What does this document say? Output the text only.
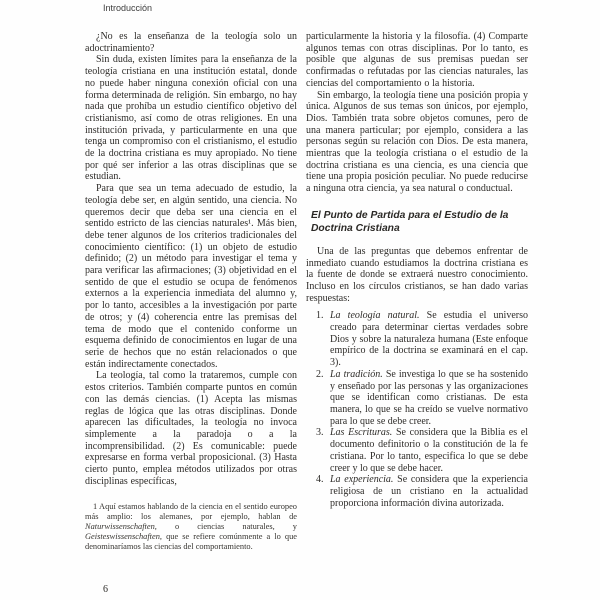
Introducción

¿No es la enseñanza de la teología solo un adoctrinamiento?

Sin duda, existen límites para la enseñanza de la teología cristiana en una institución estatal, donde no puede haber ninguna conexión oficial con una forma determinada de religión. Sin embargo, no hay nada que prohíba un estudio científico objetivo del cristianismo, así como de otras religiones. En una institución privada, y particularmente en una que tenga un compromiso con el cristianismo, el estudio de la doctrina cristiana es muy apropiado. No tiene por qué ser inferior a las otras disciplinas que se estudian.

Para que sea un tema adecuado de estudio, la teología debe ser, en algún sentido, una ciencia. No queremos decir que deba ser una ciencia en el sentido estricto de las ciencias naturales¹. Más bien, debe tener algunos de los criterios tradicionales del conocimiento científico: (1) un objeto de estudio definido; (2) un método para investigar el tema y para verificar las afirmaciones; (3) objetividad en el sentido de que el estudio se ocupa de fenómenos externos a la experiencia inmediata del alumno y, por lo tanto, accesibles a la investigación por parte de otros; y (4) coherencia entre las premisas del tema de modo que el contenido conforme un esquema definido de conocimientos en lugar de una serie de hechos que no están relacionados o que están indirectamente conectados.

La teología, tal como la trataremos, cumple con estos criterios. También comparte puntos en común con las demás ciencias. (1) Acepta las mismas reglas de lógica que las otras disciplinas. Donde aparecen las dificultades, la teología no invoca simplemente a la paradoja o a la incomprensibilidad. (2) Es comunicable: puede expresarse en forma verbal proposicional. (3) Hasta cierto punto, emplea métodos utilizados por otras disciplinas específicas,

1 Aquí estamos hablando de la ciencia en el sentido europeo más amplio: los alemanes, por ejemplo, hablan de Naturwissenschaften, o ciencias naturales, y Geisteswissenschaften, que se refiere comúnmente a lo que denominaríamos las ciencias del comportamiento.

particularmente la historia y la filosofía. (4) Comparte algunos temas con otras disciplinas. Por lo tanto, es posible que algunas de sus premisas puedan ser confirmadas o refutadas por las ciencias naturales, las ciencias del comportamiento o la historia.

Sin embargo, la teología tiene una posición propia y única. Algunos de sus temas son únicos, por ejemplo, Dios. También trata sobre objetos comunes, pero de una manera particular; por ejemplo, considera a las personas según su relación con Dios. De esta manera, mientras que la teología cristiana o el estudio de la doctrina cristiana es una ciencia, es una ciencia que tiene una propia posición peculiar. No puede reducirse a ninguna otra ciencia, ya sea natural o conductual.

El Punto de Partida para el Estudio de la Doctrina Cristiana

Una de las preguntas que debemos enfrentar de inmediato cuando estudiamos la doctrina cristiana es la fuente de donde se extraerá nuestro conocimiento. Incluso en los círculos cristianos, se han dado varias respuestas:

1. La teología natural. Se estudia el universo creado para determinar ciertas verdades sobre Dios y sobre la naturaleza humana (Este enfoque empírico de la doctrina se examinará en el cap. 3).
2. La tradición. Se investiga lo que se ha sostenido y enseñado por las personas y las organizaciones que se identifican como cristianas. De esta manera, lo que se ha creído se vuelve normativo para lo que se debe creer.
3. Las Escrituras. Se considera que la Biblia es el documento definitorio o la constitución de la fe cristiana. Por lo tanto, especifica lo que se debe creer y lo que se debe hacer.
4. La experiencia. Se considera que la experiencia religiosa de un cristiano en la actualidad proporciona información divina autorizada.
6
